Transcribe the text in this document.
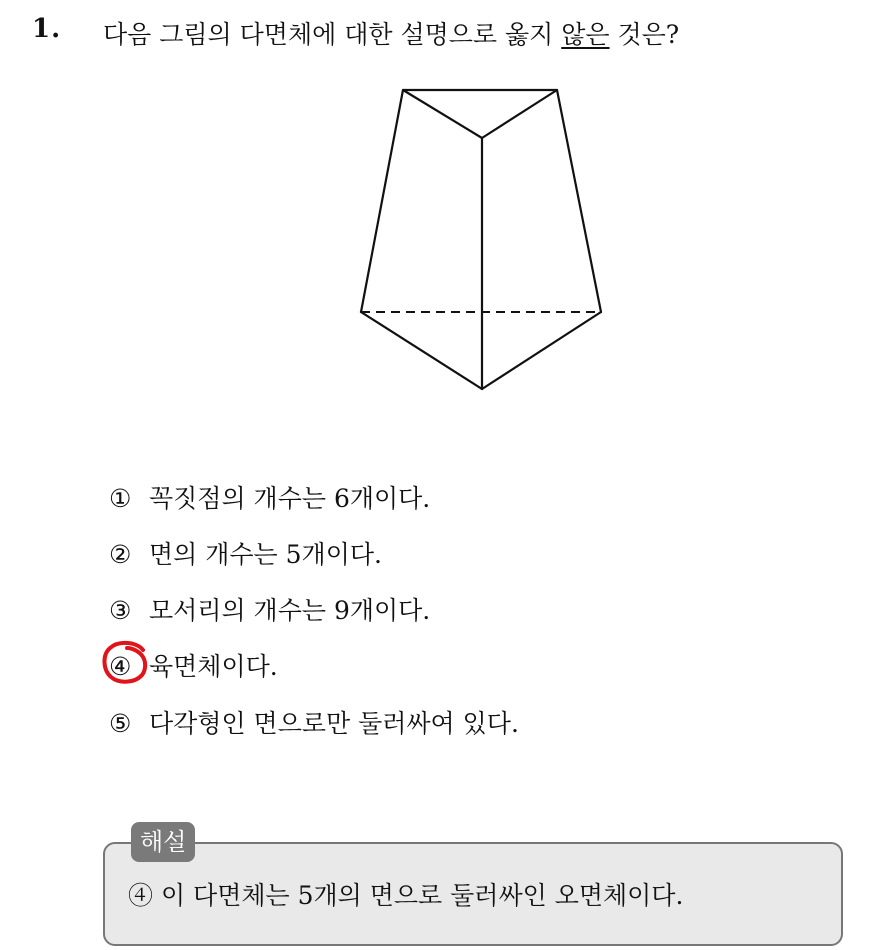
1. 다음 그림의 다면체에 대한 설명으로 옳지 않은 것은?
① 꼭짓점의 개수는 6개이다.
② 면의 개수는 5개이다.
③ 모서리의 개수는 9개이다.
④ 육면체이다.
⑤ 다각형인 면으로만 둘러싸여 있다.
해설
④ 이 다면체는 5개의 면으로 둘러싸인 오면체이다.
